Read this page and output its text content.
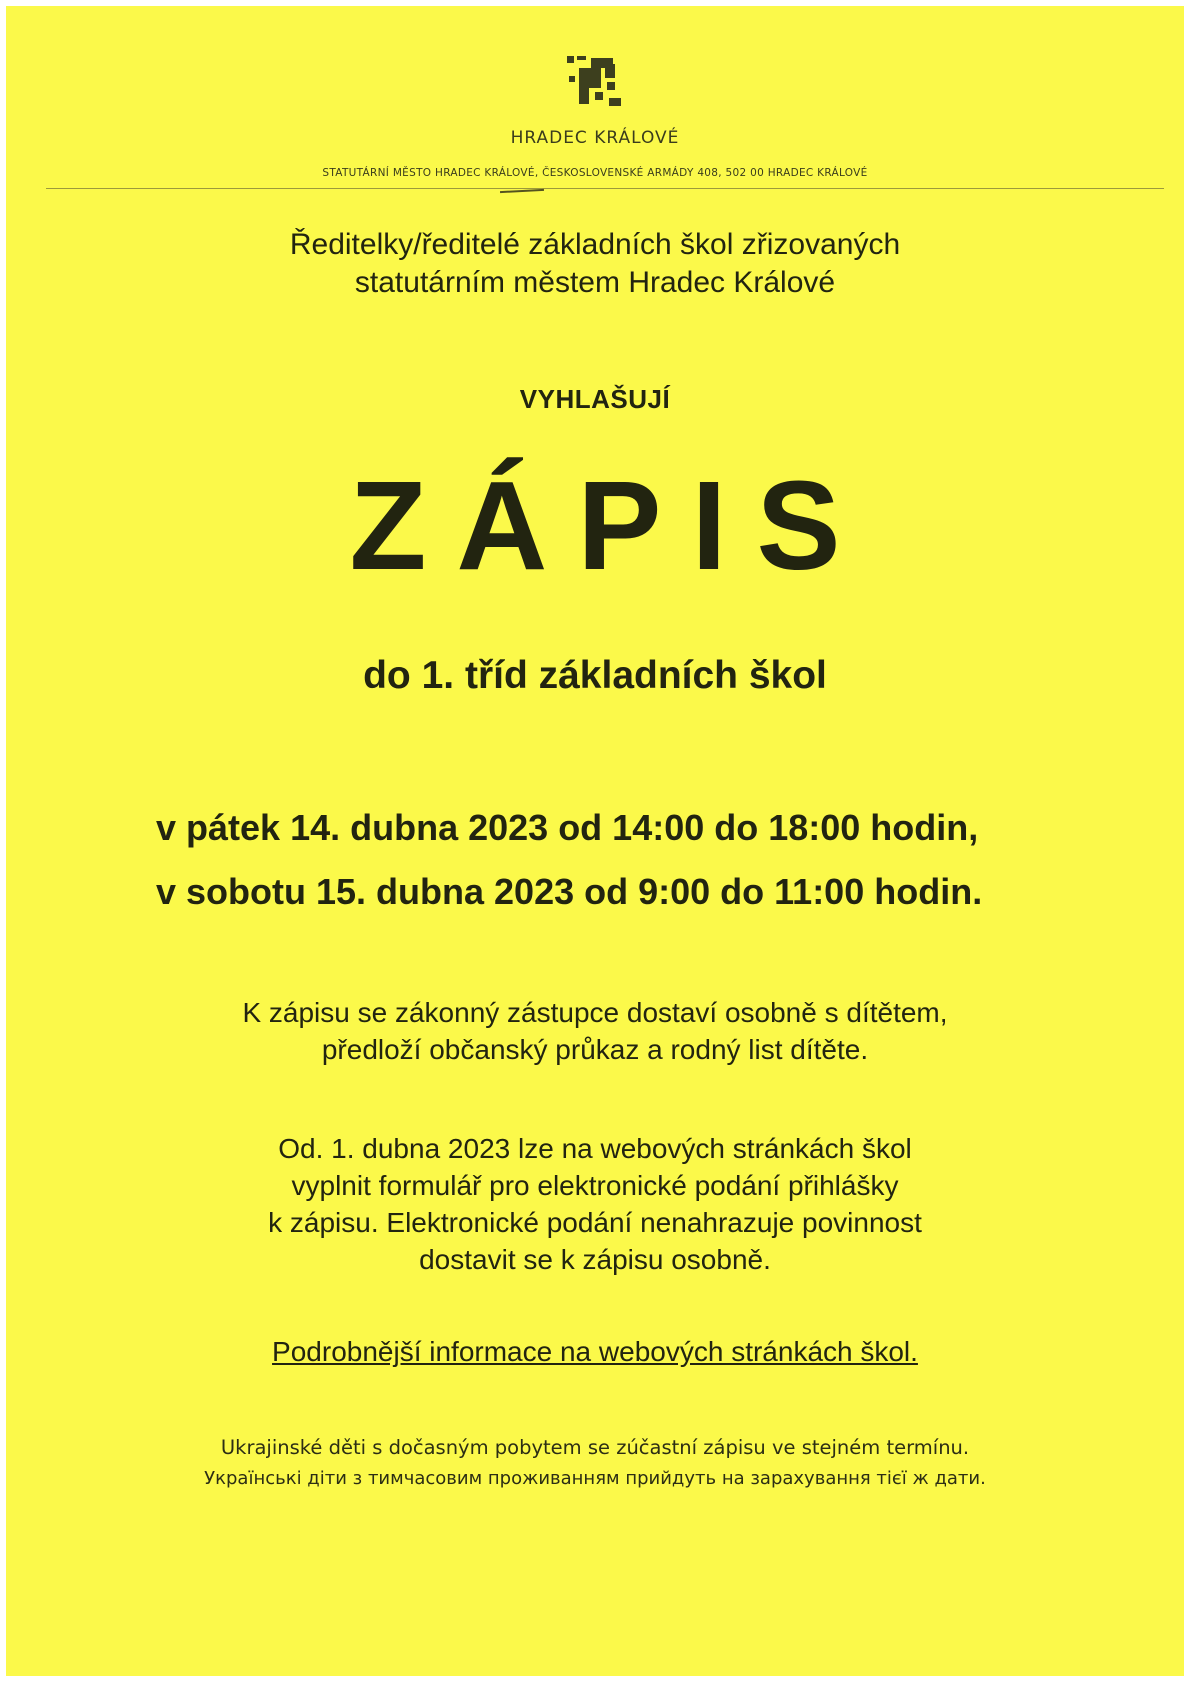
HRADEC KRÁLOVÉ
STATUTÁRNÍ MĚSTO HRADEC KRÁLOVÉ, ČESKOSLOVENSKÉ ARMÁDY 408, 502 00 HRADEC KRÁLOVÉ
Ředitelky/ředitelé základních škol zřizovaných
statutárním městem Hradec Králové
VYHLAŠUJÍ
ZÁPIS
do 1. tříd základních škol
v pátek 14. dubna 2023 od 14:00 do 18:00 hodin,
v sobotu 15. dubna 2023 od 9:00 do 11:00 hodin.
K zápisu se zákonný zástupce dostaví osobně s dítětem,
předloží občanský průkaz a rodný list dítěte.
Od. 1. dubna 2023 lze na webových stránkách škol
vyplnit formulář pro elektronické podání přihlášky
k zápisu. Elektronické podání nenahrazuje povinnost
dostavit se k zápisu osobně.
Podrobnější informace na webových stránkách škol.
Ukrajinské děti s dočasným pobytem se zúčastní zápisu ve stejném termínu.
Українські діти з тимчасовим проживанням прийдуть на зарахування тієї ж дати.
